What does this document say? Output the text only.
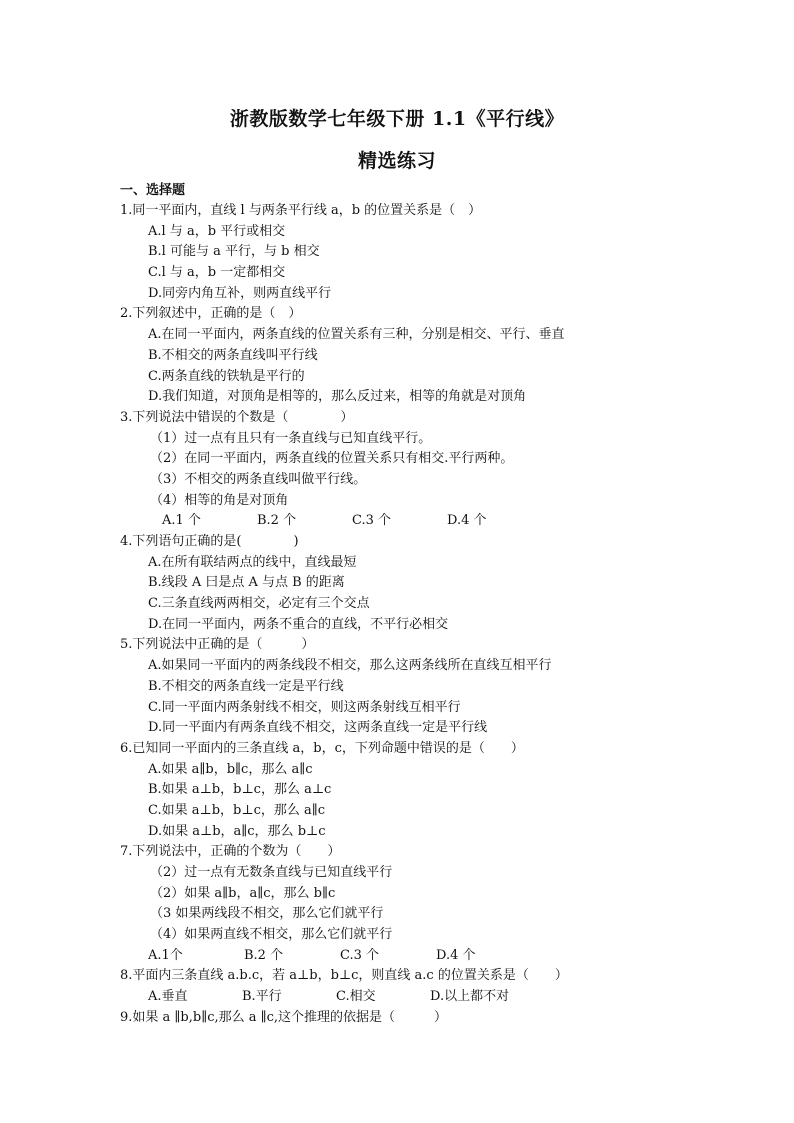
浙教版数学七年级下册 1.1《平行线》
精选练习
一、选择题
1.同一平面内，直线 l 与两条平行线 a，b 的位置关系是（　）
A.l 与 a，b 平行或相交
B.l 可能与 a 平行，与 b 相交
C.l 与 a，b 一定都相交
D.同旁内角互补，则两直线平行
2.下列叙述中，正确的是（　）
A.在同一平面内，两条直线的位置关系有三种，分别是相交、平行、垂直
B.不相交的两条直线叫平行线
C.两条直线的铁轨是平行的
D.我们知道，对顶角是相等的，那么反过来，相等的角就是对顶角
3.下列说法中错误的个数是（　　　　）
（1）过一点有且只有一条直线与已知直线平行。
（2）在同一平面内，两条直线的位置关系只有相交.平行两种。
（3）不相交的两条直线叫做平行线。
（4）相等的角是对顶角
A.1 个	B.2 个	C.3 个	D.4 个
4.下列语句正确的是(　　　　)
A.在所有联结两点的线中，直线最短
B.线段 A 曰是点 A 与点 B 的距离
C.三条直线两两相交，必定有三个交点
D.在同一平面内，两条不重合的直线，不平行必相交
5.下列说法中正确的是（　　　）
A.如果同一平面内的两条线段不相交，那么这两条线所在直线互相平行
B.不相交的两条直线一定是平行线
C.同一平面内两条射线不相交，则这两条射线互相平行
D.同一平面内有两条直线不相交，这两条直线一定是平行线
6.已知同一平面内的三条直线 a，b，c，下列命题中错误的是（　　）
A.如果 a∥b，b∥c，那么 a∥c
B.如果 a⊥b，b⊥c，那么 a⊥c
C.如果 a⊥b，b⊥c，那么 a∥c
D.如果 a⊥b，a∥c，那么 b⊥c
7.下列说法中，正确的个数为（　　）
（2）过一点有无数条直线与已知直线平行
（2）如果 a∥b，a∥c，那么 b∥c
（3 如果两线段不相交，那么它们就平行
（4）如果两直线不相交，那么它们就平行
A.1个	B.2 个	C.3 个	D.4 个
8.平面内三条直线 a.b.c，若 a⊥b，b⊥c，则直线 a.c 的位置关系是（　　）
A.垂直	B.平行	C.相交	D.以上都不对
9.如果 a ∥b,b∥c,那么 a ∥c,这个推理的依据是（　　　）
